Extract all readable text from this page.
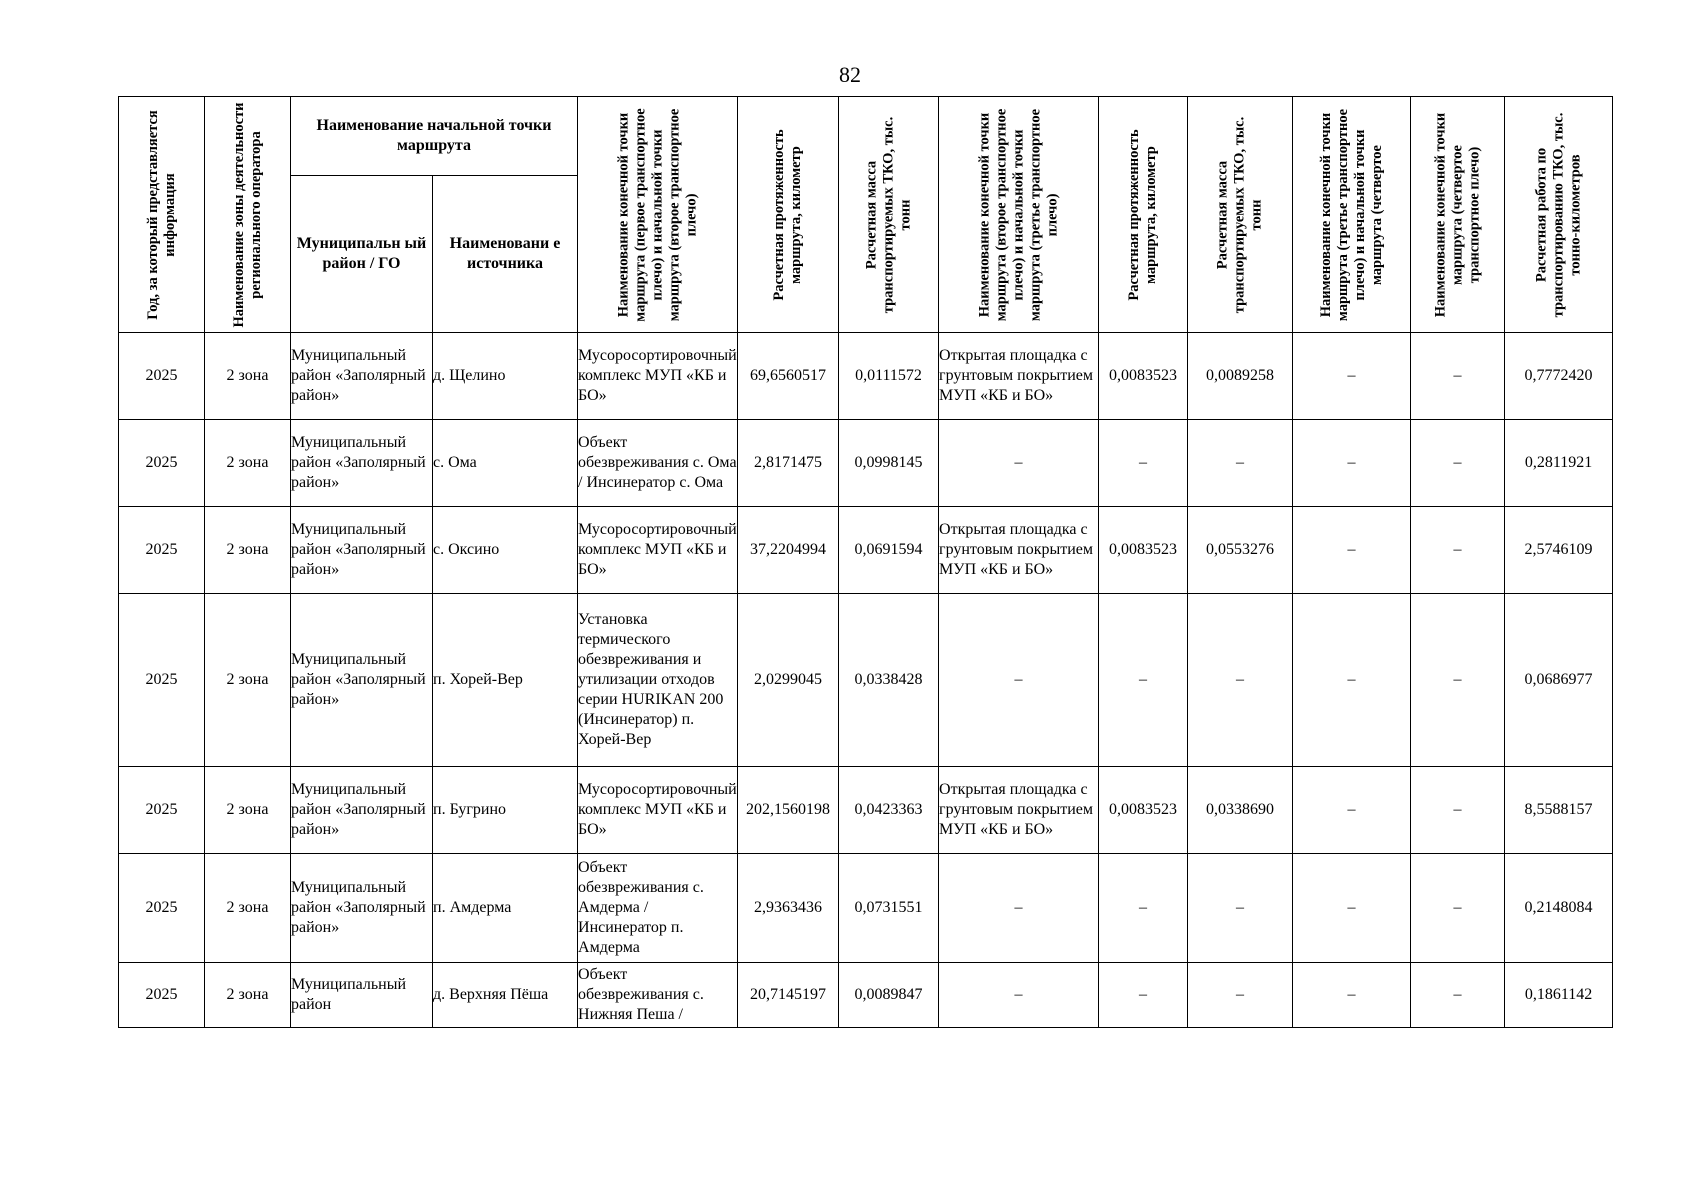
82
Год, за который представляется информация	Наименование зоны деятельности регионального оператора	Наименование начальной точки маршрута		Наименование конечной точки маршрута (первое транспортное плечо) и начальной точки маршрута (второе транспортное плечо)	Расчетная протяженность маршрута, километр	Расчетная масса транспортируемых ТКО, тыс. тонн	Наименование конечной точки маршрута (второе транспортное плечо) и начальной точки маршрута (третье транспортное плечо)	Расчетная протяженность маршрута, километр	Расчетная масса транспортируемых ТКО, тыс. тонн	Наименование конечной точки маршрута (третье транспортное плечо) и начальной точки маршрута (четвертое	Наименование конечной точки маршрута (четвертое транспортное плечо)	Расчетная работа по транспортированию ТКО, тыс. тонно-километров

		Муниципальн ый район / ГО	Наименовани е источника									
2025	2 зона	Муниципальный район «Заполярный район»	д. Щелино	Мусоросортировочный комплекс МУП «КБ и БО»	69,6560517	0,0111572	Открытая площадка с грунтовым покрытием МУП «КБ и БО»	0,0083523	0,0089258	–	–	0,7772420
2025	2 зона	Муниципальный район «Заполярный район»	с. Ома	Объект обезвреживания с. Ома / Инсинератор с. Ома	2,8171475	0,0998145	–	–	–	–	–	0,2811921
2025	2 зона	Муниципальный район «Заполярный район»	с. Оксино	Мусоросортировочный комплекс МУП «КБ и БО»	37,2204994	0,0691594	Открытая площадка с грунтовым покрытием МУП «КБ и БО»	0,0083523	0,0553276	–	–	2,5746109
2025	2 зона	Муниципальный район «Заполярный район»	п. Хорей-Вер	Установка термического обезвреживания и утилизации отходов серии HURIKAN 200 (Инсинератор) п. Хорей-Вер	2,0299045	0,0338428	–	–	–	–	–	0,0686977
2025	2 зона	Муниципальный район «Заполярный район»	п. Бугрино	Мусоросортировочный комплекс МУП «КБ и БО»	202,1560198	0,0423363	Открытая площадка с грунтовым покрытием МУП «КБ и БО»	0,0083523	0,0338690	–	–	8,5588157
2025	2 зона	Муниципальный район «Заполярный район»	п. Амдерма	Объект обезвреживания с. Амдерма / Инсинератор п. Амдерма	2,9363436	0,0731551	–	–	–	–	–	0,2148084
2025	2 зона	Муниципальный район	д. Верхняя Пёша	Объект обезвреживания с. Нижняя Пеша /	20,7145197	0,0089847	–	–	–	–	–	0,1861142
